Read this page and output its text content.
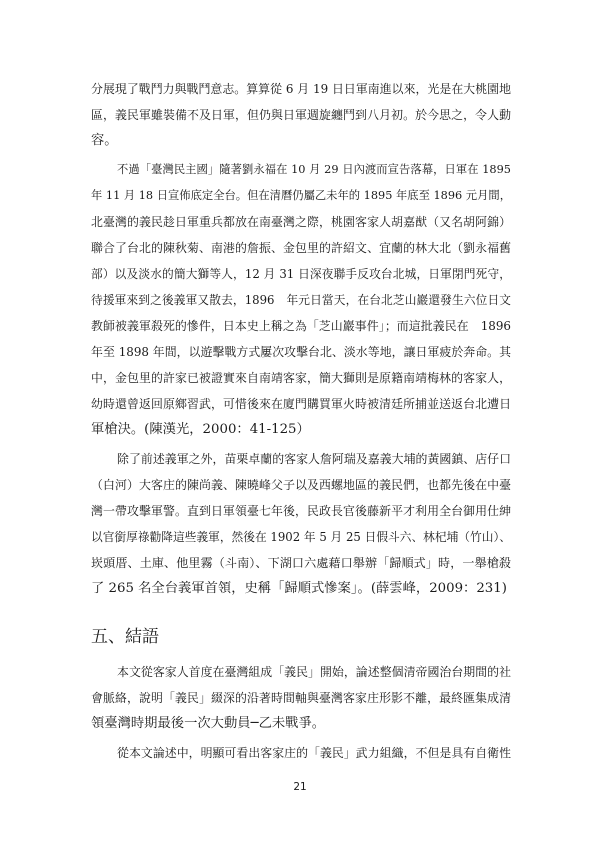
分展現了戰鬥力與戰鬥意志。算算從 6 月 19 日日軍南進以來，光是在大桃園地
區，義民軍雖裝備不及日軍，但仍與日軍週旋纏鬥到八月初。於今思之，令人動
容。
不過「臺灣民主國」隨著劉永福在 10 月 29 日內渡而宣告落幕，日軍在 1895
年 11 月 18 日宣佈底定全台。但在清曆仍屬乙未年的 1895 年底至 1896 元月間，
北臺灣的義民趁日軍重兵都放在南臺灣之際，桃園客家人胡嘉猷（又名胡阿錦）
聯合了台北的陳秋菊、南港的詹振、金包里的許紹文、宜蘭的林大北（劉永福舊
部）以及淡水的簡大獅等人，12 月 31 日深夜聯手反攻台北城，日軍閉門死守，
待援軍來到之後義軍又散去，1896　年元日當天，在台北芝山巖還發生六位日文
教師被義軍殺死的慘件，日本史上稱之為「芝山巖事件」；而這批義民在　1896
年至 1898 年間，以遊擊戰方式屢次攻擊台北、淡水等地，讓日軍疲於奔命。其
中，金包里的許家已被證實來自南靖客家，簡大獅則是原籍南靖梅林的客家人，
幼時還曾返回原鄉習武，可惜後來在廈門購買軍火時被清廷所捕並送返台北遭日
軍槍決。(陳漢光，2000：41-125）
除了前述義軍之外，苗栗卓蘭的客家人詹阿瑞及嘉義大埔的黃國鎮、店仔口
（白河）大客庄的陳尚義、陳曉峰父子以及西螺地區的義民們，也都先後在中臺
灣一帶攻擊軍警。直到日軍領臺七年後，民政長官後藤新平才利用全台御用仕紳
以官銜厚祿勸降這些義軍，然後在 1902 年 5 月 25 日假斗六、林杞埔（竹山）、
崁頭厝、土庫、他里霧（斗南）、下湖口六處藉口舉辦「歸順式」時，一舉槍殺
了 265 名全台義軍首領，史稱「歸順式慘案」。(薛雲峰，2009：231)
五、結語
本文從客家人首度在臺灣組成「義民」開始，論述整個清帝國治台期間的社
會脈絡，說明「義民」綴深的沿著時間軸與臺灣客家庄形影不離，最終匯集成清
領臺灣時期最後一次大動員─乙未戰爭。
從本文論述中，明顯可看出客家庄的「義民」武力組織，不但是具有自衛性
21
